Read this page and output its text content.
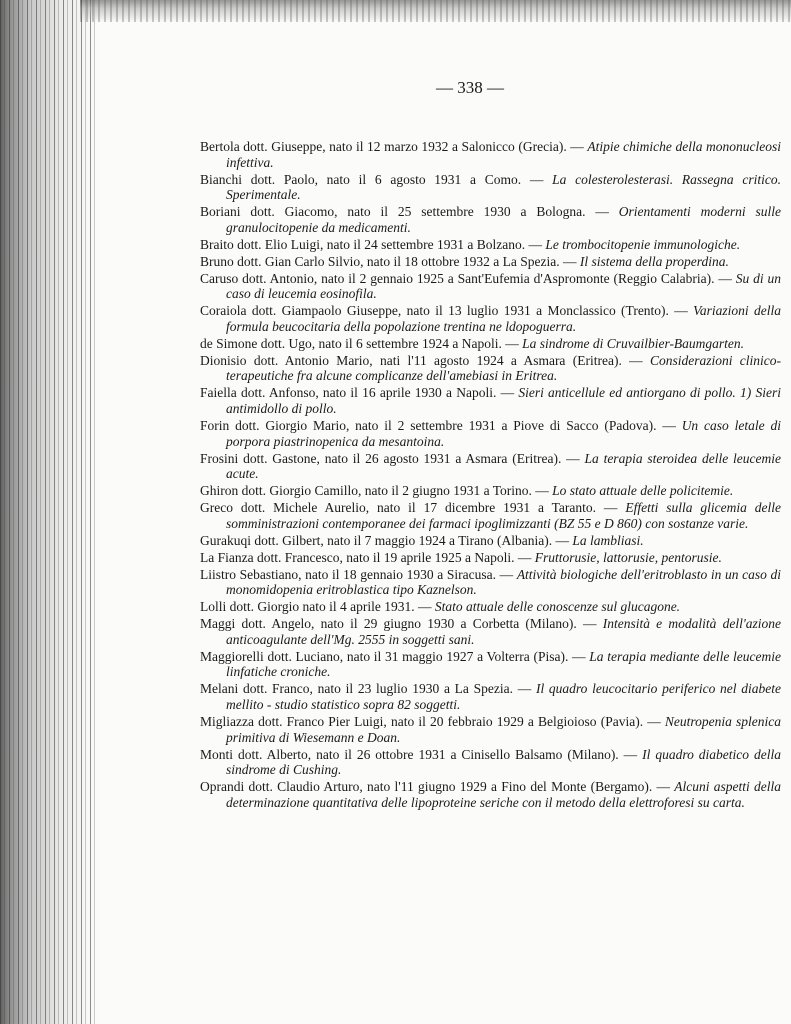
— 338 —
Bertola dott. Giuseppe, nato il 12 marzo 1932 a Salonicco (Grecia). — Atipie chimiche della mononucleosi infettiva.
Bianchi dott. Paolo, nato il 6 agosto 1931 a Como. — La colesterolesterasi. Rassegna critico. Sperimentale.
Boriani dott. Giacomo, nato il 25 settembre 1930 a Bologna. — Orientamenti moderni sulle granulocitopenie da medicamenti.
Braito dott. Elio Luigi, nato il 24 settembre 1931 a Bolzano. — Le trombocitopenie immunologiche.
Bruno dott. Gian Carlo Silvio, nato il 18 ottobre 1932 a La Spezia. — Il sistema della properdina.
Caruso dott. Antonio, nato il 2 gennaio 1925 a Sant'Eufemia d'Aspromonte (Reggio Calabria). — Su di un caso di leucemia eosinofila.
Coraiola dott. Giampaolo Giuseppe, nato il 13 luglio 1931 a Monclassico (Trento). — Variazioni della formula beucocitaria della popolazione trentina ne ldopoguerra.
de Simone dott. Ugo, nato il 6 settembre 1924 a Napoli. — La sindrome di Cruvailbier-Baumgarten.
Dionisio dott. Antonio Mario, nati l'11 agosto 1924 a Asmara (Eritrea). — Considerazioni clinico-terapeutiche fra alcune complicanze dell'amebiasi in Eritrea.
Faiella dott. Anfonso, nato il 16 aprile 1930 a Napoli. — Sieri anticellule ed antiorgano di pollo. 1) Sieri antimidollo di pollo.
Forin dott. Giorgio Mario, nato il 2 settembre 1931 a Piove di Sacco (Padova). — Un caso letale di porpora piastrinopenica da mesantoina.
Frosini dott. Gastone, nato il 26 agosto 1931 a Asmara (Eritrea). — La terapia steroidea delle leucemie acute.
Ghiron dott. Giorgio Camillo, nato il 2 giugno 1931 a Torino. — Lo stato attuale delle policitemie.
Greco dott. Michele Aurelio, nato il 17 dicembre 1931 a Taranto. — Effetti sulla glicemia delle somministrazioni contemporanee dei farmaci ipoglimizzanti (BZ 55 e D 860) con sostanze varie.
Gurakuqi dott. Gilbert, nato il 7 maggio 1924 a Tirano (Albania). — La lambliasi.
La Fianza dott. Francesco, nato il 19 aprile 1925 a Napoli. — Fruttorusie, lattorusie, pentorusie.
Liistro Sebastiano, nato il 18 gennaio 1930 a Siracusa. — Attività biologiche dell'eritroblasto in un caso di monomidopenia eritroblastica tipo Kaznelson.
Lolli dott. Giorgio nato il 4 aprile 1931. — Stato attuale delle conoscenze sul glucagone.
Maggi dott. Angelo, nato il 29 giugno 1930 a Corbetta (Milano). — Intensità e modalità dell'azione anticoagulante dell'Mg. 2555 in soggetti sani.
Maggiorelli dott. Luciano, nato il 31 maggio 1927 a Volterra (Pisa). — La terapia mediante delle leucemie linfatiche croniche.
Melani dott. Franco, nato il 23 luglio 1930 a La Spezia. — Il quadro leucocitario periferico nel diabete mellito - studio statistico sopra 82 soggetti.
Migliazza dott. Franco Pier Luigi, nato il 20 febbraio 1929 a Belgioioso (Pavia). — Neutropenia splenica primitiva di Wiesemann e Doan.
Monti dott. Alberto, nato il 26 ottobre 1931 a Cinisello Balsamo (Milano). — Il quadro diabetico della sindrome di Cushing.
Oprandi dott. Claudio Arturo, nato l'11 giugno 1929 a Fino del Monte (Bergamo). — Alcuni aspetti della determinazione quantitativa delle lipoproteine seriche con il metodo della elettroforesi su carta.
